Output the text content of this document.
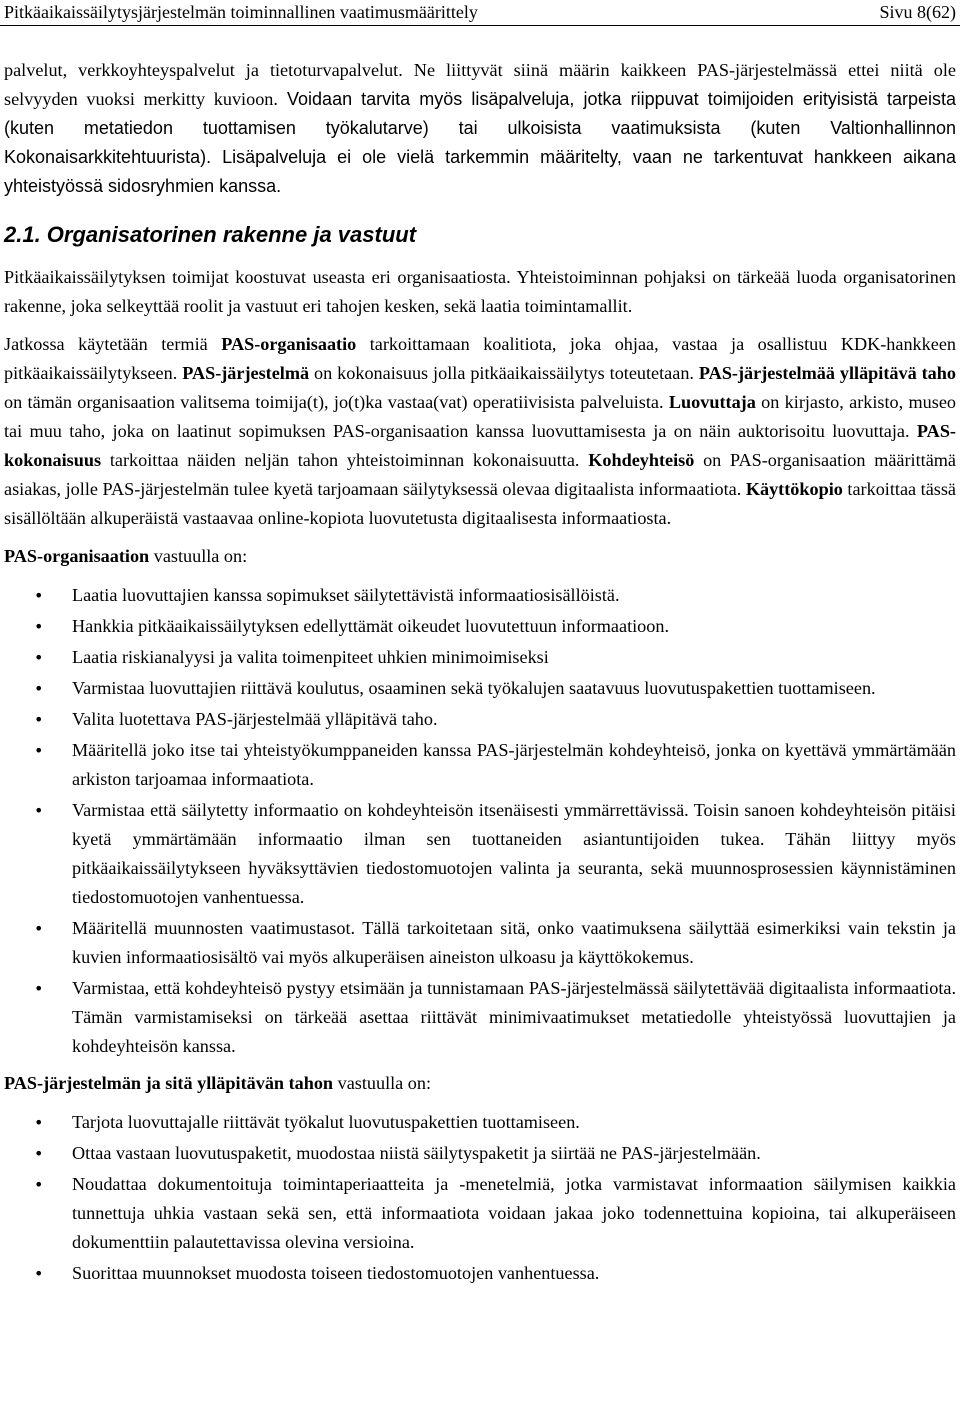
Pitkäaikaissäilytysjärjestelmän toiminnallinen vaatimusmäärittely	Sivu 8(62)

palvelut, verkkoyhteyspalvelut ja tietoturvapalvelut. Ne liittyvät siinä määrin kaikkeen PAS-järjestelmässä ettei niitä ole selvyyden vuoksi merkitty kuvioon. Voidaan tarvita myös lisäpalveluja, jotka riippuvat toimijoiden erityisistä tarpeista (kuten metatiedon tuottamisen työkalutarve) tai ulkoisista vaatimuksista (kuten Valtionhallinnon Kokonaisarkkitehtuurista). Lisäpalveluja ei ole vielä tarkemmin määritelty, vaan ne tarkentuvat hankkeen aikana yhteistyössä sidosryhmien kanssa.

2.1. Organisatorinen rakenne ja vastuut

Pitkäaikaissäilytyksen toimijat koostuvat useasta eri organisaatiosta. Yhteistoiminnan pohjaksi on tärkeää luoda organisatorinen rakenne, joka selkeyttää roolit ja vastuut eri tahojen kesken, sekä laatia toimintamallit.

Jatkossa käytetään termiä PAS-organisaatio tarkoittamaan koalitiota, joka ohjaa, vastaa ja osallistuu KDK-hankkeen pitkäaikaissäilytykseen. PAS-järjestelmä on kokonaisuus jolla pitkäaikaissäilytys toteutetaan. PAS-järjestelmää ylläpitävä taho on tämän organisaation valitsema toimija(t), jo(t)ka vastaa(vat) operatiivisista palveluista. Luovuttaja on kirjasto, arkisto, museo tai muu taho, joka on laatinut sopimuksen PAS-organisaation kanssa luovuttamisesta ja on näin auktorisoitu luovuttaja. PAS-kokonaisuus tarkoittaa näiden neljän tahon yhteistoiminnan kokonaisuutta. Kohdeyhteisö on PAS-organisaation määrittämä asiakas, jolle PAS-järjestelmän tulee kyetä tarjoamaan säilytyksessä olevaa digitaalista informaatiota. Käyttökopio tarkoittaa tässä sisällöltään alkuperäistä vastaavaa online-kopiota luovutetusta digitaalisesta informaatiosta.

PAS-organisaation vastuulla on:

• Laatia luovuttajien kanssa sopimukset säilytettävistä informaatiosisällöistä.
• Hankkia pitkäaikaissäilytyksen edellyttämät oikeudet luovutettuun informaatioon.
• Laatia riskianalyysi ja valita toimenpiteet uhkien minimoimiseksi
• Varmistaa luovuttajien riittävä koulutus, osaaminen sekä työkalujen saatavuus luovutuspakettien tuottamiseen.
• Valita luotettava PAS-järjestelmää ylläpitävä taho.
• Määritellä joko itse tai yhteistyökumppaneiden kanssa PAS-järjestelmän kohdeyhteisö, jonka on kyettävä ymmärtämään arkiston tarjoamaa informaatiota.
• Varmistaa että säilytetty informaatio on kohdeyhteisön itsenäisesti ymmärrettävissä. Toisin sanoen kohdeyhteisön pitäisi kyetä ymmärtämään informaatio ilman sen tuottaneiden asiantuntijoiden tukea. Tähän liittyy myös pitkäaikaissäilytykseen hyväksyttävien tiedostomuotojen valinta ja seuranta, sekä muunnosprosessien käynnistäminen tiedostomuotojen vanhentuessa.
• Määritellä muunnosten vaatimustasot. Tällä tarkoitetaan sitä, onko vaatimuksena säilyttää esimerkiksi vain tekstin ja kuvien informaatiosisältö vai myös alkuperäisen aineiston ulkoasu ja käyttökokemus.
• Varmistaa, että kohdeyhteisö pystyy etsimään ja tunnistamaan PAS-järjestelmässä säilytettävää digitaalista informaatiota. Tämän varmistamiseksi on tärkeää asettaa riittävät minimivaatimukset metatiedolle yhteistyössä luovuttajien ja kohdeyhteisön kanssa.

PAS-järjestelmän ja sitä ylläpitävän tahon vastuulla on:

• Tarjota luovuttajalle riittävät työkalut luovutuspakettien tuottamiseen.
• Ottaa vastaan luovutuspaketit, muodostaa niistä säilytyspaketit ja siirtää ne PAS-järjestelmään.
• Noudattaa dokumentoituja toimintaperiaatteita ja -menetelmiä, jotka varmistavat informaation säilymisen kaikkia tunnettuja uhkia vastaan sekä sen, että informaatiota voidaan jakaa joko todennettuina kopioina, tai alkuperäiseen dokumenttiin palautettavissa olevina versioina.
• Suorittaa muunnokset muodosta toiseen tiedostomuotojen vanhentuessa.
